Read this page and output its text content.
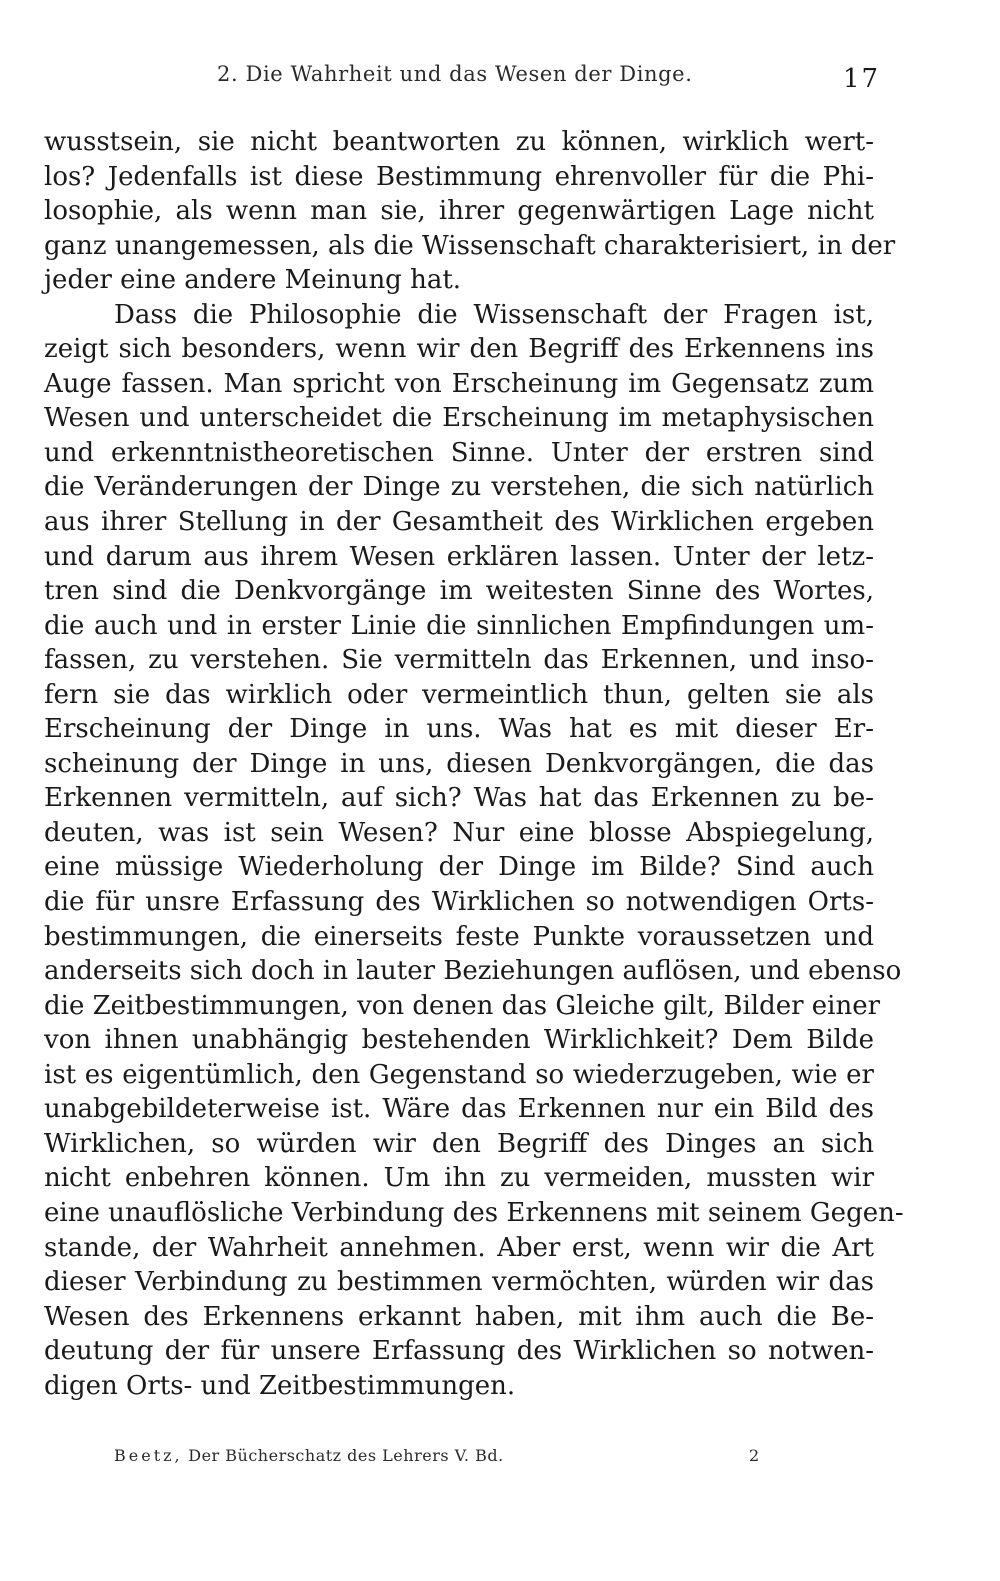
2. Die Wahrheit und das Wesen der Dinge.	17
wusstsein, sie nicht beantworten zu können, wirklich wert-
los? Jedenfalls ist diese Bestimmung ehrenvoller für die Phi-
losophie, als wenn man sie, ihrer gegenwärtigen Lage nicht
ganz unangemessen, als die Wissenschaft charakterisiert, in der
jeder eine andere Meinung hat.
Dass die Philosophie die Wissenschaft der Fragen ist,
zeigt sich besonders, wenn wir den Begriff des Erkennens ins
Auge fassen. Man spricht von Erscheinung im Gegensatz zum
Wesen und unterscheidet die Erscheinung im metaphysischen
und erkenntnistheoretischen Sinne. Unter der erstren sind
die Veränderungen der Dinge zu verstehen, die sich natürlich
aus ihrer Stellung in der Gesamtheit des Wirklichen ergeben
und darum aus ihrem Wesen erklären lassen. Unter der letz-
tren sind die Denkvorgänge im weitesten Sinne des Wortes,
die auch und in erster Linie die sinnlichen Empfindungen um-
fassen, zu verstehen. Sie vermitteln das Erkennen, und inso-
fern sie das wirklich oder vermeintlich thun, gelten sie als
Erscheinung der Dinge in uns. Was hat es mit dieser Er-
scheinung der Dinge in uns, diesen Denkvorgängen, die das
Erkennen vermitteln, auf sich? Was hat das Erkennen zu be-
deuten, was ist sein Wesen? Nur eine blosse Abspiegelung,
eine müssige Wiederholung der Dinge im Bilde? Sind auch
die für unsre Erfassung des Wirklichen so notwendigen Orts-
bestimmungen, die einerseits feste Punkte voraussetzen und
anderseits sich doch in lauter Beziehungen auflösen, und ebenso
die Zeitbestimmungen, von denen das Gleiche gilt, Bilder einer
von ihnen unabhängig bestehenden Wirklichkeit? Dem Bilde
ist es eigentümlich, den Gegenstand so wiederzugeben, wie er
unabgebildeterweise ist. Wäre das Erkennen nur ein Bild des
Wirklichen, so würden wir den Begriff des Dinges an sich
nicht enbehren können. Um ihn zu vermeiden, mussten wir
eine unauflösliche Verbindung des Erkennens mit seinem Gegen-
stande, der Wahrheit annehmen. Aber erst, wenn wir die Art
dieser Verbindung zu bestimmen vermöchten, würden wir das
Wesen des Erkennens erkannt haben, mit ihm auch die Be-
deutung der für unsere Erfassung des Wirklichen so notwen-
digen Orts- und Zeitbestimmungen.
Beetz, Der Bücherschatz des Lehrers V. Bd.	2
